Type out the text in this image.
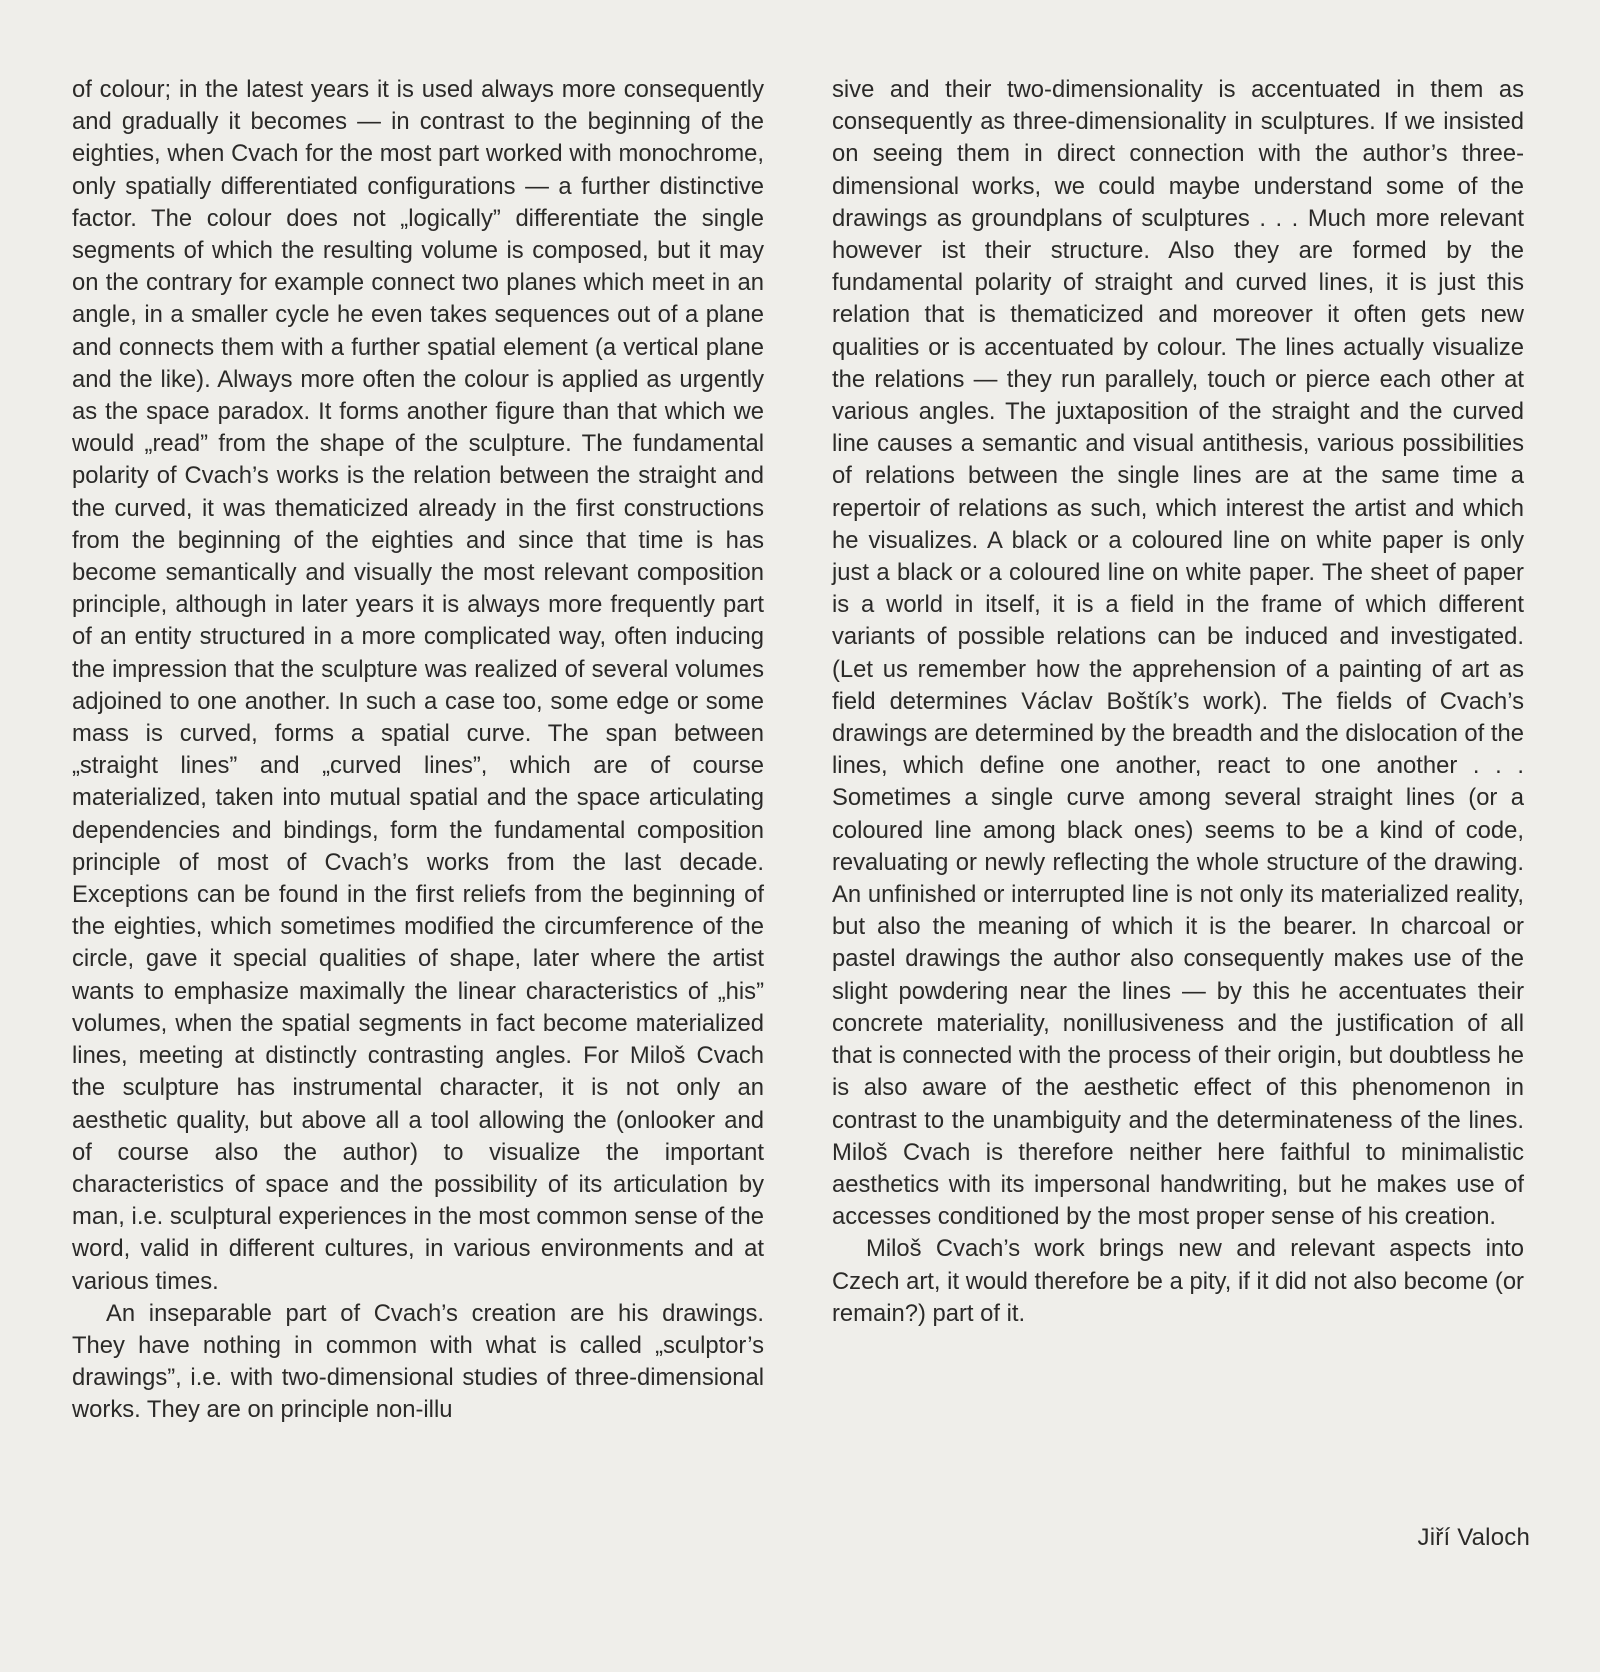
of colour; in the latest years it is used always more consequently and gradually it becomes — in contrast to the beginning of the eighties, when Cvach for the most part worked with monochrome, only spatially differentiated configurations — a further distinctive factor. The colour does not „logically” differentiate the single segments of which the resulting volume is composed, but it may on the contrary for example connect two planes which meet in an angle, in a smaller cycle he even takes sequences out of a plane and connects them with a further spatial element (a vertical plane and the like). Always more often the colour is applied as urgently as the space paradox. It forms another figure than that which we would „read” from the shape of the sculpture. The fundamental polarity of Cvach’s works is the relation between the straight and the curved, it was thematicized already in the first constructions from the beginning of the eighties and since that time is has become semantically and visually the most relevant composition principle, although in later years it is always more frequently part of an entity structured in a more complicated way, often inducing the impression that the sculpture was realized of several volumes adjoined to one another. In such a case too, some edge or some mass is curved, forms a spatial curve. The span between „straight lines” and „curved lines”, which are of course materialized, taken into mutual spatial and the space articulating dependencies and bindings, form the fundamental composition principle of most of Cvach’s works from the last decade. Exceptions can be found in the first reliefs from the beginning of the eighties, which sometimes modified the circumference of the circle, gave it special qualities of shape, later where the artist wants to emphasize maximally the linear characteristics of „his” volumes, when the spatial segments in fact become materialized lines, meeting at distinctly contrasting angles. For Miloš Cvach the sculpture has instrumental character, it is not only an aesthetic quality, but above all a tool allowing the (onlooker and of course also the author) to visualize the important characteristics of space and the possibility of its articulation by man, i.e. sculptural experiences in the most common sense of the word, valid in different cultures, in various environments and at various times.

An inseparable part of Cvach’s creation are his drawings. They have nothing in common with what is called „sculptor’s drawings”, i.e. with two-dimensional studies of three-dimensional works. They are on principle non-illu

sive and their two-dimensionality is accentuated in them as consequently as three-dimensionality in sculptures. If we insisted on seeing them in direct connection with the author’s three-dimensional works, we could maybe understand some of the drawings as groundplans of sculptures . . . Much more relevant however ist their structure. Also they are formed by the fundamental polarity of straight and curved lines, it is just this relation that is thematicized and moreover it often gets new qualities or is accentuated by colour. The lines actually visualize the relations — they run parallely, touch or pierce each other at various angles. The juxtaposition of the straight and the curved line causes a semantic and visual antithesis, various possibilities of relations between the single lines are at the same time a repertoir of relations as such, which interest the artist and which he visualizes. A black or a coloured line on white paper is only just a black or a coloured line on white paper. The sheet of paper is a world in itself, it is a field in the frame of which different variants of possible relations can be induced and investigated. (Let us remember how the apprehension of a painting of art as field determines Václav Boštík’s work). The fields of Cvach’s drawings are determined by the breadth and the dislocation of the lines, which define one another, react to one another . . . Sometimes a single curve among several straight lines (or a coloured line among black ones) seems to be a kind of code, revaluating or newly reflecting the whole structure of the drawing. An unfinished or interrupted line is not only its materialized reality, but also the meaning of which it is the bearer. In charcoal or pastel drawings the author also consequently makes use of the slight powdering near the lines — by this he accentuates their concrete materiality, nonillusiveness and the justification of all that is connected with the process of their origin, but doubtless he is also aware of the aesthetic effect of this phenomenon in contrast to the unambiguity and the determinateness of the lines. Miloš Cvach is therefore neither here faithful to minimalistic aesthetics with its impersonal handwriting, but he makes use of accesses conditioned by the most proper sense of his creation.

Miloš Cvach’s work brings new and relevant aspects into Czech art, it would therefore be a pity, if it did not also become (or remain?) part of it.

Jiří Valoch
